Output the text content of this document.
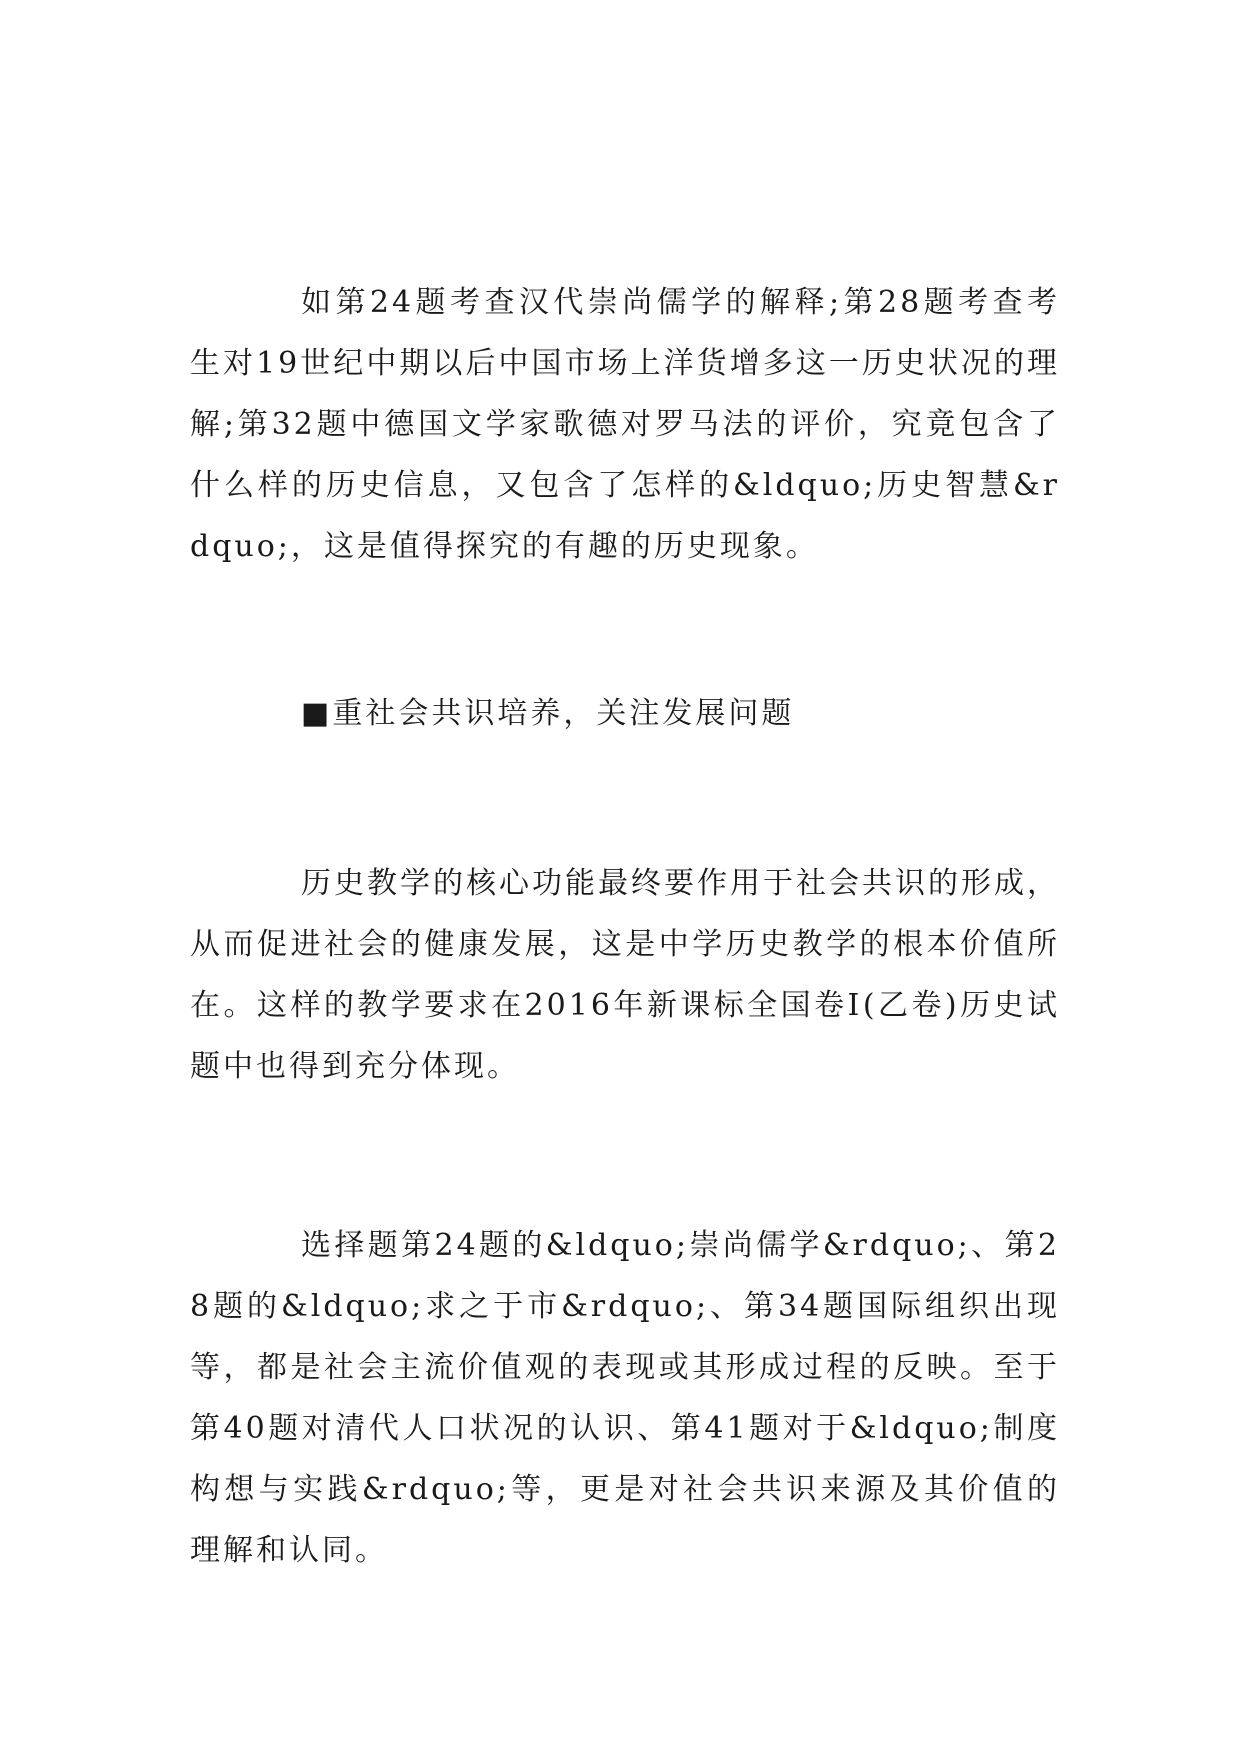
如第24题考查汉代崇尚儒学的解释;第28题考查考生对19世纪中期以后中国市场上洋货增多这一历史状况的理解;第32题中德国文学家歌德对罗马法的评价，究竟包含了什么样的历史信息，又包含了怎样的&ldquo;历史智慧&rdquo;，这是值得探究的有趣的历史现象。

■重社会共识培养，关注发展问题

历史教学的核心功能最终要作用于社会共识的形成，从而促进社会的健康发展，这是中学历史教学的根本价值所在。这样的教学要求在2016年新课标全国卷Ⅰ(乙卷)历史试题中也得到充分体现。

选择题第24题的&ldquo;崇尚儒学&rdquo;、第28题的&ldquo;求之于市&rdquo;、第34题国际组织出现等，都是社会主流价值观的表现或其形成过程的反映。至于第40题对清代人口状况的认识、第41题对于&ldquo;制度构想与实践&rdquo;等，更是对社会共识来源及其价值的理解和认同。
